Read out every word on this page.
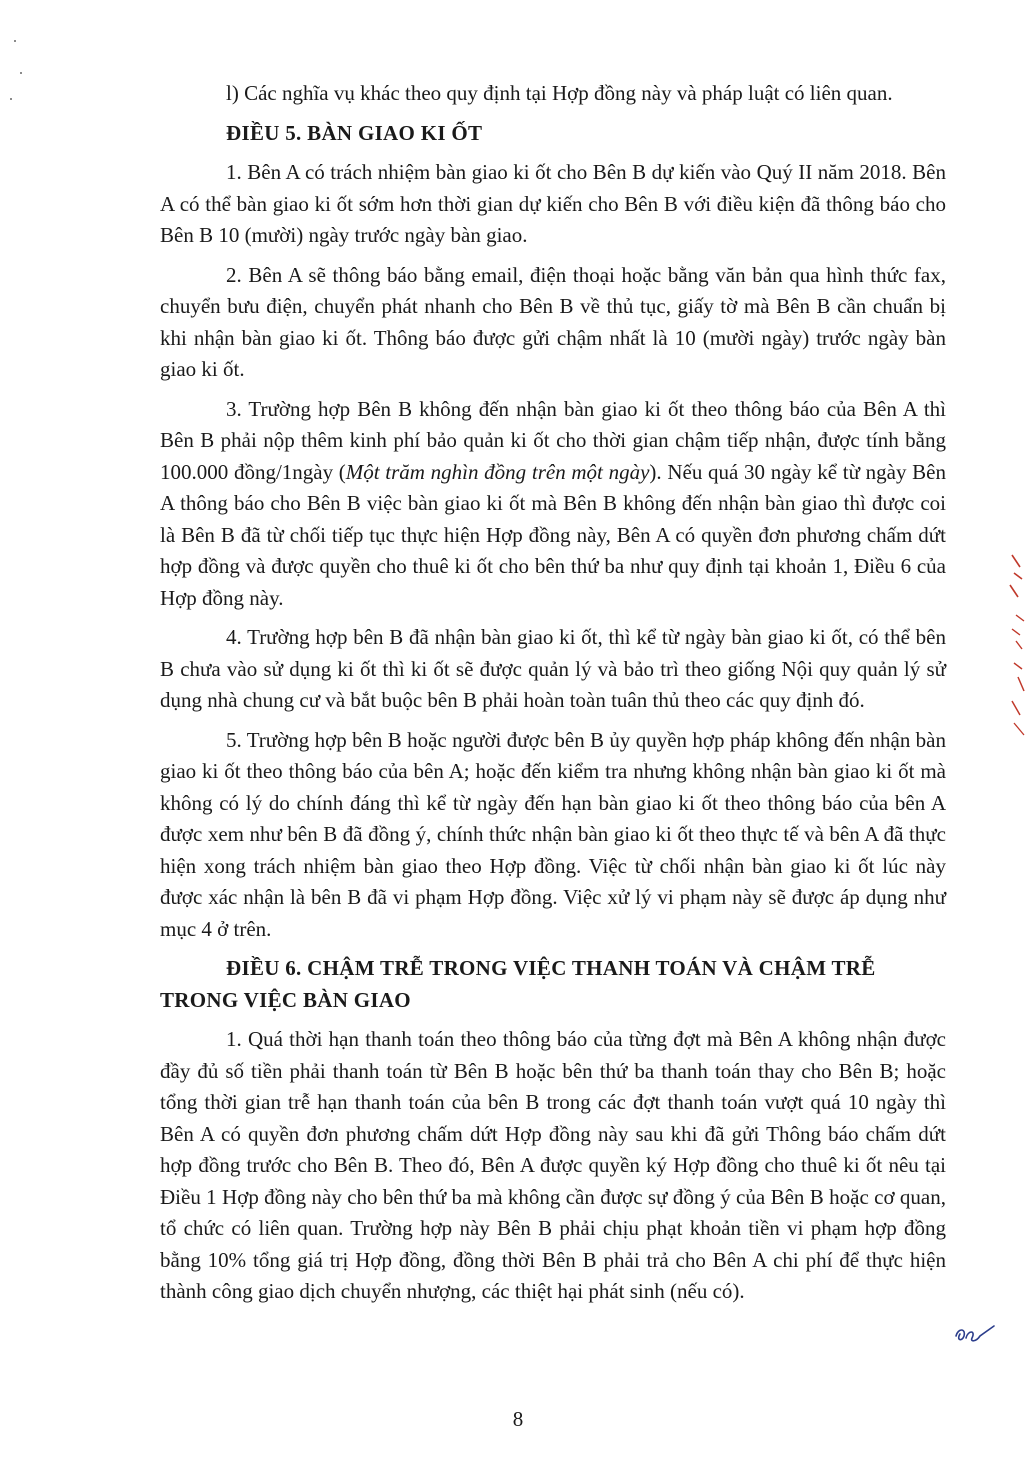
l) Các nghĩa vụ khác theo quy định tại Hợp đồng này và pháp luật có liên quan.

ĐIỀU 5. BÀN GIAO KI ỐT

1. Bên A có trách nhiệm bàn giao ki ốt cho Bên B dự kiến vào Quý II năm 2018. Bên A có thể bàn giao ki ốt sớm hơn thời gian dự kiến cho Bên B với điều kiện đã thông báo cho Bên B 10 (mười) ngày trước ngày bàn giao.

2. Bên A sẽ thông báo bằng email, điện thoại hoặc bằng văn bản qua hình thức fax, chuyển bưu điện, chuyển phát nhanh cho Bên B về thủ tục, giấy tờ mà Bên B cần chuẩn bị khi nhận bàn giao ki ốt. Thông báo được gửi chậm nhất là 10 (mười ngày) trước ngày bàn giao ki ốt.

3. Trường hợp Bên B không đến nhận bàn giao ki ốt theo thông báo của Bên A thì Bên B phải nộp thêm kinh phí bảo quản ki ốt cho thời gian chậm tiếp nhận, được tính bằng 100.000 đồng/1ngày (Một trăm nghìn đồng trên một ngày). Nếu quá 30 ngày kể từ ngày Bên A thông báo cho Bên B việc bàn giao ki ốt mà Bên B không đến nhận bàn giao thì được coi là Bên B đã từ chối tiếp tục thực hiện Hợp đồng này, Bên A có quyền đơn phương chấm dứt hợp đồng và được quyền cho thuê ki ốt cho bên thứ ba như quy định tại khoản 1, Điều 6 của Hợp đồng này.

4. Trường hợp bên B đã nhận bàn giao ki ốt, thì kể từ ngày bàn giao ki ốt, có thể bên B chưa vào sử dụng ki ốt thì ki ốt sẽ được quản lý và bảo trì theo giống Nội quy quản lý sử dụng nhà chung cư và bắt buộc bên B phải hoàn toàn tuân thủ theo các quy định đó.

5. Trường hợp bên B hoặc người được bên B ủy quyền hợp pháp không đến nhận bàn giao ki ốt theo thông báo của bên A; hoặc đến kiểm tra nhưng không nhận bàn giao ki ốt mà không có lý do chính đáng thì kể từ ngày đến hạn bàn giao ki ốt theo thông báo của bên A được xem như bên B đã đồng ý, chính thức nhận bàn giao ki ốt theo thực tế và bên A đã thực hiện xong trách nhiệm bàn giao theo Hợp đồng. Việc từ chối nhận bàn giao ki ốt lúc này được xác nhận là bên B đã vi phạm Hợp đồng. Việc xử lý vi phạm này sẽ được áp dụng như mục 4 ở trên.

ĐIỀU 6. CHẬM TRỄ TRONG VIỆC THANH TOÁN VÀ CHẬM TRỄ

TRONG VIỆC BÀN GIAO

1. Quá thời hạn thanh toán theo thông báo của từng đợt mà Bên A không nhận được đầy đủ số tiền phải thanh toán từ Bên B hoặc bên thứ ba thanh toán thay cho Bên B; hoặc tổng thời gian trễ hạn thanh toán của bên B trong các đợt thanh toán vượt quá 10 ngày thì Bên A có quyền đơn phương chấm dứt Hợp đồng này sau khi đã gửi Thông báo chấm dứt hợp đồng trước cho Bên B. Theo đó, Bên A được quyền ký Hợp đồng cho thuê ki ốt nêu tại Điều 1 Hợp đồng này cho bên thứ ba mà không cần được sự đồng ý của Bên B hoặc cơ quan, tổ chức có liên quan. Trường hợp này Bên B phải chịu phạt khoản tiền vi phạm hợp đồng bằng 10% tổng giá trị Hợp đồng, đồng thời Bên B phải trả cho Bên A chi phí để thực hiện thành công giao dịch chuyển nhượng, các thiệt hại phát sinh (nếu có).

8
